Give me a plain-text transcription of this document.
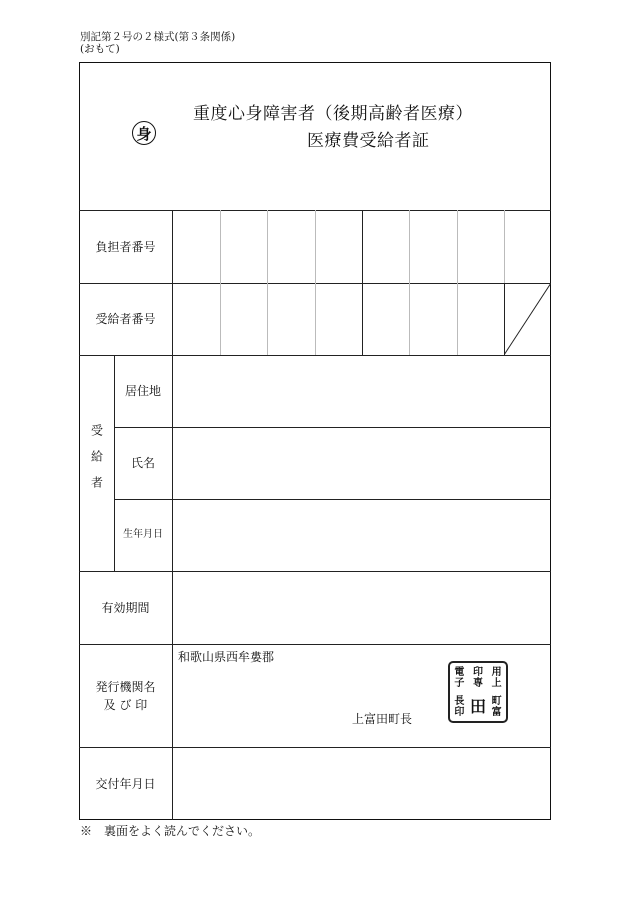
別記第２号の２様式(第３条関係)
(おもて)
身
重度心身障害者（後期高齢者医療）
医療費受給者証
負担者番号
受給者番号
受給者
居住地
氏名
生年月日
有効期間
発行機関名
及 び 印
交付年月日
和歌山県西牟婁郡
上富田町長
電
子
印
専
用
上
長
印 田 町
富
※　裏面をよく読んでください。
